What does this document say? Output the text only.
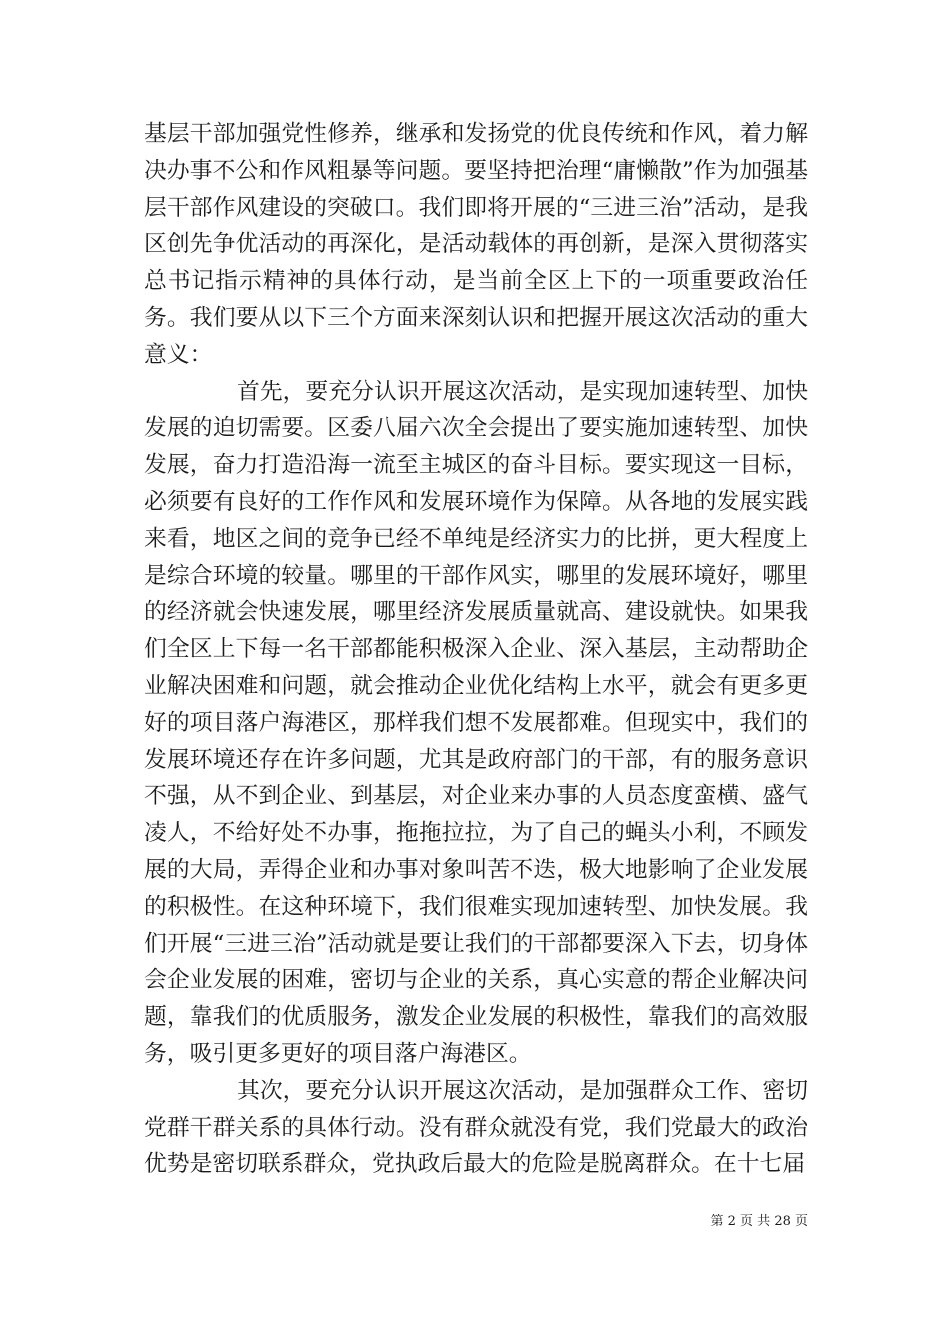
基层干部加强党性修养，继承和发扬党的优良传统和作风，着力解决办事不公和作风粗暴等问题。要坚持把治理“庸懒散”作为加强基层干部作风建设的突破口。我们即将开展的“三进三治”活动，是我区创先争优活动的再深化，是活动载体的再创新，是深入贯彻落实总书记指示精神的具体行动，是当前全区上下的一项重要政治任务。我们要从以下三个方面来深刻认识和把握开展这次活动的重大意义：

首先，要充分认识开展这次活动，是实现加速转型、加快发展的迫切需要。区委八届六次全会提出了要实施加速转型、加快发展，奋力打造沿海一流至主城区的奋斗目标。要实现这一目标，必须要有良好的工作作风和发展环境作为保障。从各地的发展实践来看，地区之间的竞争已经不单纯是经济实力的比拼，更大程度上是综合环境的较量。哪里的干部作风实，哪里的发展环境好，哪里的经济就会快速发展，哪里经济发展质量就高、建设就快。如果我们全区上下每一名干部都能积极深入企业、深入基层，主动帮助企业解决困难和问题，就会推动企业优化结构上水平，就会有更多更好的项目落户海港区，那样我们想不发展都难。但现实中，我们的发展环境还存在许多问题，尤其是政府部门的干部，有的服务意识不强，从不到企业、到基层，对企业来办事的人员态度蛮横、盛气凌人，不给好处不办事，拖拖拉拉，为了自己的蝇头小利，不顾发展的大局，弄得企业和办事对象叫苦不迭，极大地影响了企业发展的积极性。在这种环境下，我们很难实现加速转型、加快发展。我们开展“三进三治”活动就是要让我们的干部都要深入下去，切身体会企业发展的困难，密切与企业的关系，真心实意的帮企业解决问题，靠我们的优质服务，激发企业发展的积极性，靠我们的高效服务，吸引更多更好的项目落户海港区。

其次，要充分认识开展这次活动，是加强群众工作、密切党群干群关系的具体行动。没有群众就没有党，我们党最大的政治优势是密切联系群众，党执政后最大的危险是脱离群众。在十七届

第 2 页 共 28 页
